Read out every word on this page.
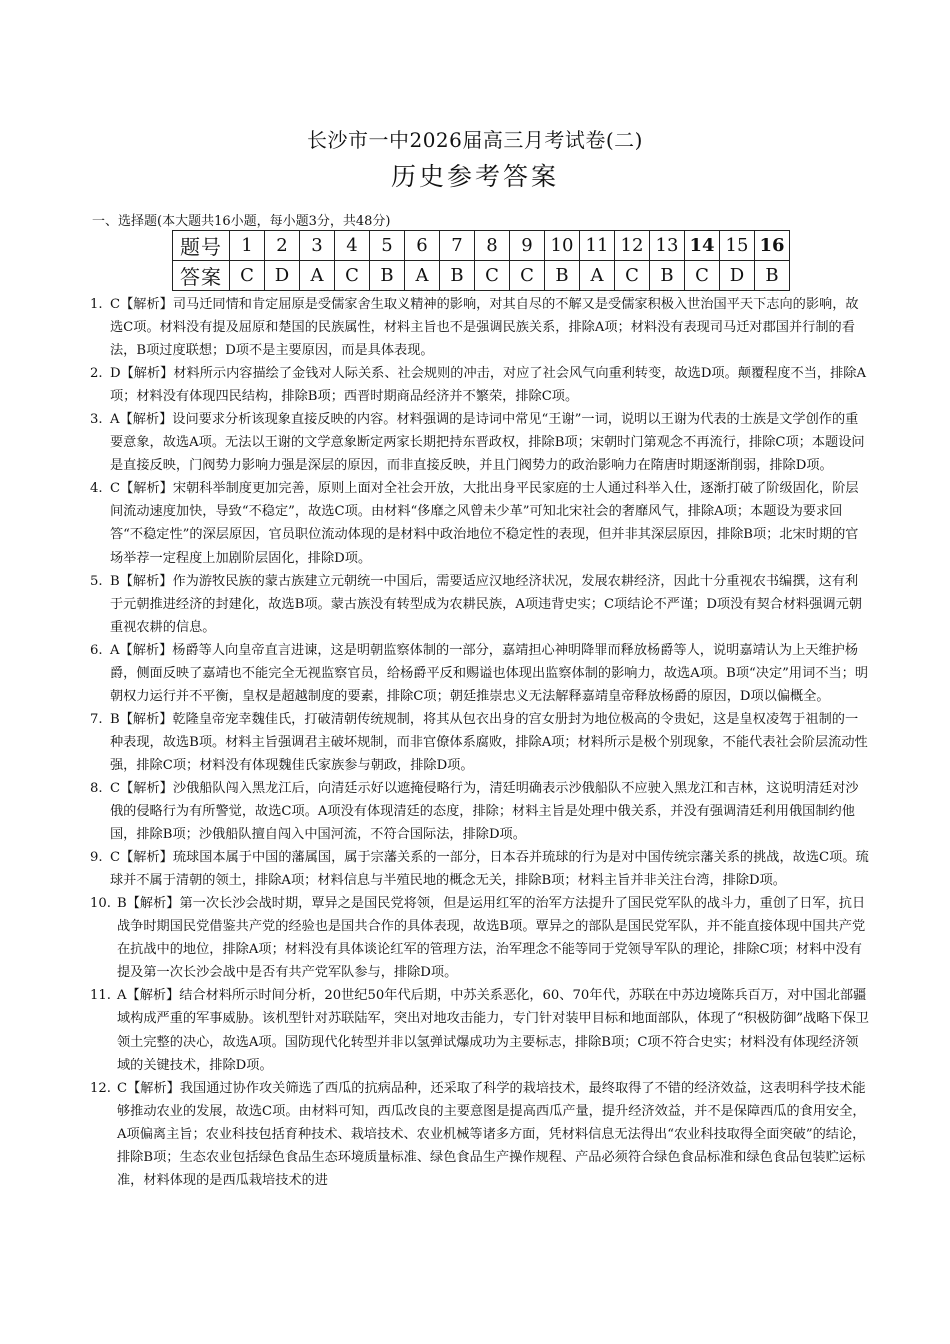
长沙市一中2026届高三月考试卷(二)
历史参考答案
一、选择题(本大题共16小题，每小题3分，共48分)
题号	1	2	3	4	5	6	7	8	9	10	11	12	13	14	15	16
答案	C	D	A	C	B	A	B	C	C	B	A	C	B	C	D	B
1. C【解析】司马迁同情和肯定屈原是受儒家舍生取义精神的影响，对其自尽的不解又是受儒家积极入世治国平天下志向的影响，故选C项。材料没有提及屈原和楚国的民族属性，材料主旨也不是强调民族关系，排除A项；材料没有表现司马迁对郡国并行制的看法，B项过度联想；D项不是主要原因，而是具体表现。
2. D【解析】材料所示内容描绘了金钱对人际关系、社会规则的冲击，对应了社会风气向重利转变，故选D项。颠覆程度不当，排除A项；材料没有体现四民结构，排除B项；西晋时期商品经济并不繁荣，排除C项。
3. A【解析】设问要求分析该现象直接反映的内容。材料强调的是诗词中常见“王谢”一词，说明以王谢为代表的士族是文学创作的重要意象，故选A项。无法以王谢的文学意象断定两家长期把持东晋政权，排除B项；宋朝时门第观念不再流行，排除C项；本题设问是直接反映，门阀势力影响力强是深层的原因，而非直接反映，并且门阀势力的政治影响力在隋唐时期逐渐削弱，排除D项。
4. C【解析】宋朝科举制度更加完善，原则上面对全社会开放，大批出身平民家庭的士人通过科举入仕，逐渐打破了阶级固化，阶层间流动速度加快，导致“不稳定”，故选C项。由材料“侈靡之风曾未少革”可知北宋社会的奢靡风气，排除A项；本题设为要求回答“不稳定性”的深层原因，官员职位流动体现的是材料中政治地位不稳定性的表现，但并非其深层原因，排除B项；北宋时期的官场举荐一定程度上加剧阶层固化，排除D项。
5. B【解析】作为游牧民族的蒙古族建立元朝统一中国后，需要适应汉地经济状况，发展农耕经济，因此十分重视农书编撰，这有利于元朝推进经济的封建化，故选B项。蒙古族没有转型成为农耕民族，A项违背史实；C项结论不严谨；D项没有契合材料强调元朝重视农耕的信息。
6. A【解析】杨爵等人向皇帝直言进谏，这是明朝监察体制的一部分，嘉靖担心神明降罪而释放杨爵等人，说明嘉靖认为上天维护杨爵，侧面反映了嘉靖也不能完全无视监察官员，给杨爵平反和赐谥也体现出监察体制的影响力，故选A项。B项“决定”用词不当；明朝权力运行并不平衡，皇权是超越制度的要素，排除C项；朝廷推崇忠义无法解释嘉靖皇帝释放杨爵的原因，D项以偏概全。
7. B【解析】乾隆皇帝宠幸魏佳氏，打破清朝传统规制，将其从包衣出身的宫女册封为地位极高的令贵妃，这是皇权凌驾于祖制的一种表现，故选B项。材料主旨强调君主破坏规制，而非官僚体系腐败，排除A项；材料所示是极个别现象，不能代表社会阶层流动性强，排除C项；材料没有体现魏佳氏家族参与朝政，排除D项。
8. C【解析】沙俄船队闯入黑龙江后，向清廷示好以遮掩侵略行为，清廷明确表示沙俄船队不应驶入黑龙江和吉林，这说明清廷对沙俄的侵略行为有所警觉，故选C项。A项没有体现清廷的态度，排除；材料主旨是处理中俄关系，并没有强调清廷利用俄国制约他国，排除B项；沙俄船队擅自闯入中国河流，不符合国际法，排除D项。
9. C【解析】琉球国本属于中国的藩属国，属于宗藩关系的一部分，日本吞并琉球的行为是对中国传统宗藩关系的挑战，故选C项。琉球并不属于清朝的领土，排除A项；材料信息与半殖民地的概念无关，排除B项；材料主旨并非关注台湾，排除D项。
10. B【解析】第一次长沙会战时期，覃异之是国民党将领，但是运用红军的治军方法提升了国民党军队的战斗力，重创了日军，抗日战争时期国民党借鉴共产党的经验也是国共合作的具体表现，故选B项。覃异之的部队是国民党军队，并不能直接体现中国共产党在抗战中的地位，排除A项；材料没有具体谈论红军的管理方法，治军理念不能等同于党领导军队的理论，排除C项；材料中没有提及第一次长沙会战中是否有共产党军队参与，排除D项。
11. A【解析】结合材料所示时间分析，20世纪50年代后期，中苏关系恶化，60、70年代，苏联在中苏边境陈兵百万，对中国北部疆域构成严重的军事威胁。该机型针对苏联陆军，突出对地攻击能力，专门针对装甲目标和地面部队，体现了“积极防御”战略下保卫领土完整的决心，故选A项。国防现代化转型并非以氢弹试爆成功为主要标志，排除B项；C项不符合史实；材料没有体现经济领域的关键技术，排除D项。
12. C【解析】我国通过协作攻关筛选了西瓜的抗病品种，还采取了科学的栽培技术，最终取得了不错的经济效益，这表明科学技术能够推动农业的发展，故选C项。由材料可知，西瓜改良的主要意图是提高西瓜产量，提升经济效益，并不是保障西瓜的食用安全，A项偏离主旨；农业科技包括育种技术、栽培技术、农业机械等诸多方面，凭材料信息无法得出“农业科技取得全面突破”的结论，排除B项；生态农业包括绿色食品生态环境质量标准、绿色食品生产操作规程、产品必须符合绿色食品标准和绿色食品包装贮运标准，材料体现的是西瓜栽培技术的进
